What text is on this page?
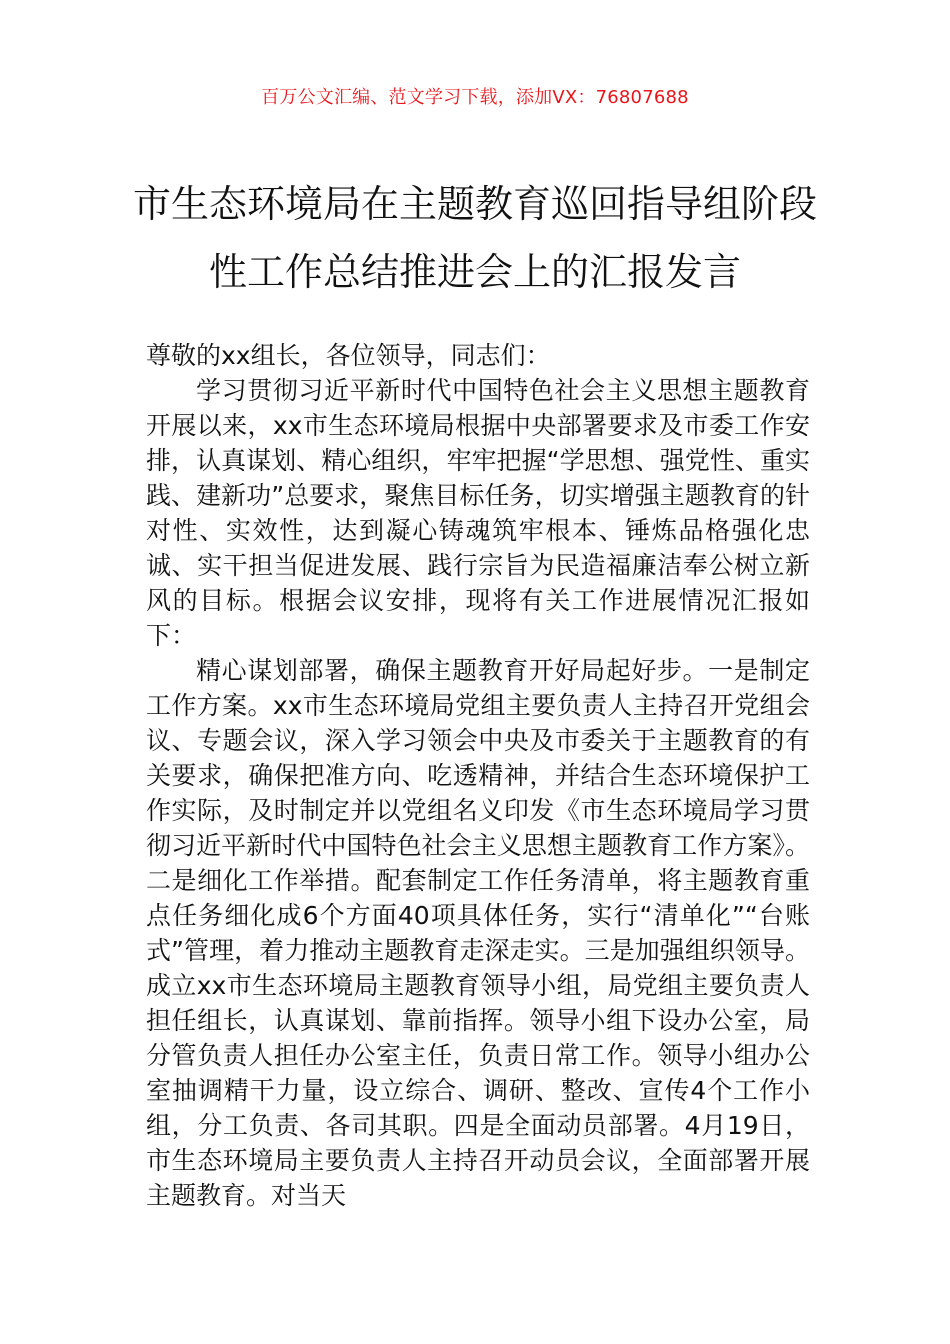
百万公文汇编、范文学习下载，添加VX：76807688
市生态环境局在主题教育巡回指导组阶段
性工作总结推进会上的汇报发言

尊敬的xx组长，各位领导，同志们：

学习贯彻习近平新时代中国特色社会主义思想主题教育开展以来，xx市生态环境局根据中央部署要求及市委工作安排，认真谋划、精心组织，牢牢把握“学思想、强党性、重实践、建新功”总要求，聚焦目标任务，切实增强主题教育的针对性、实效性，达到凝心铸魂筑牢根本、锤炼品格强化忠诚、实干担当促进发展、践行宗旨为民造福廉洁奉公树立新风的目标。根据会议安排，现将有关工作进展情况汇报如下：

精心谋划部署，确保主题教育开好局起好步。一是制定工作方案。xx市生态环境局党组主要负责人主持召开党组会议、专题会议，深入学习领会中央及市委关于主题教育的有关要求，确保把准方向、吃透精神，并结合生态环境保护工作实际，及时制定并以党组名义印发《市生态环境局学习贯彻习近平新时代中国特色社会主义思想主题教育工作方案》。二是细化工作举措。配套制定工作任务清单，将主题教育重点任务细化成6个方面40项具体任务，实行“清单化”“台账式”管理，着力推动主题教育走深走实。三是加强组织领导。成立xx市生态环境局主题教育领导小组，局党组主要负责人担任组长，认真谋划、靠前指挥。领导小组下设办公室，局分管负责人担任办公室主任，负责日常工作。领导小组办公室抽调精干力量，设立综合、调研、整改、宣传4个工作小组，分工负责、各司其职。四是全面动员部署。4月19日，市生态环境局主要负责人主持召开动员会议，全面部署开展主题教育。对当天
